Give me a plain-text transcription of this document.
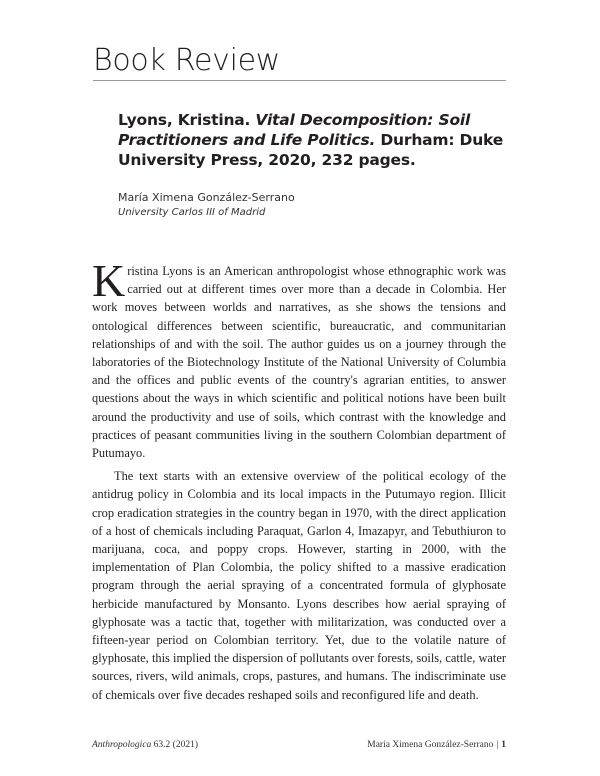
Book Review
Lyons, Kristina. Vital Decomposition: Soil Practitioners and Life Politics. Durham: Duke University Press, 2020, 232 pages.
María Ximena González-Serrano
University Carlos III of Madrid

Kristina Lyons is an American anthropologist whose ethnographic work was carried out at different times over more than a decade in Colombia. Her work moves between worlds and narratives, as she shows the tensions and ontological differences between scientific, bureaucratic, and communitarian relationships of and with the soil. The author guides us on a journey through the laboratories of the Biotechnology Institute of the National University of Columbia and the offices and public events of the country's agrarian entities, to answer questions about the ways in which scientific and political notions have been built around the productivity and use of soils, which contrast with the knowledge and practices of peasant communities living in the southern Colombian department of Putumayo.

The text starts with an extensive overview of the political ecology of the antidrug policy in Colombia and its local impacts in the Putumayo region. Illicit crop eradication strategies in the country began in 1970, with the direct application of a host of chemicals including Paraquat, Garlon 4, Imazapyr, and Tebuthiuron to marijuana, coca, and poppy crops. However, starting in 2000, with the implementation of Plan Colombia, the policy shifted to a massive eradication program through the aerial spraying of a concentrated formula of glyphosate herbicide manufactured by Monsanto. Lyons describes how aerial spraying of glyphosate was a tactic that, together with militarization, was conducted over a fifteen-year period on Colombian territory. Yet, due to the volatile nature of glyphosate, this implied the dispersion of pollutants over forests, soils, cattle, water sources, rivers, wild animals, crops, pastures, and humans. The indiscriminate use of chemicals over five decades reshaped soils and reconfigured life and death.

Anthropologica 63.2 (2021)	María Ximena González-Serrano | 1
